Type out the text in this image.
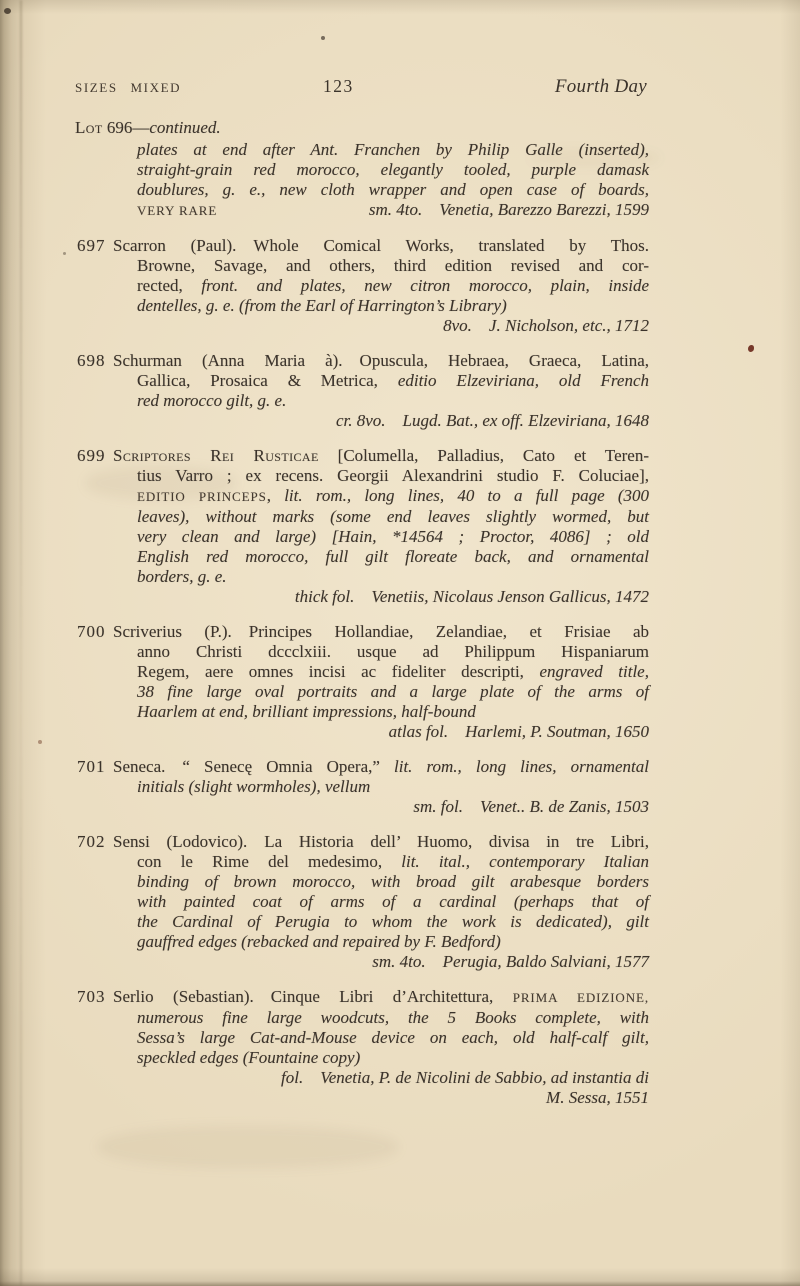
SIZES MIXED	123	Fourth Day
Lot 696—continued.
plates at end after Ant. Franchen by Philip Galle (inserted),
straight-grain red morocco, elegantly tooled, purple damask
doublures, g. e., new cloth wrapper and open case of boards,
VERY RARE	sm. 4to. Venetia, Barezzo Barezzi, 1599
697 Scarron (Paul). Whole Comical Works, translated by Thos.
Browne, Savage, and others, third edition revised and cor-
rected, front. and plates, new citron morocco, plain, inside
dentelles, g. e. (from the Earl of Harrington’s Library)
8vo. J. Nicholson, etc., 1712
698 Schurman (Anna Maria à). Opuscula, Hebraea, Graeca, Latina,
Gallica, Prosaica & Metrica, editio Elzeviriana, old French
red morocco gilt, g. e.
cr. 8vo. Lugd. Bat., ex off. Elzeviriana, 1648
699 Scriptores Rei Rusticae [Columella, Palladius, Cato et Teren-
tius Varro ; ex recens. Georgii Alexandrini studio F. Coluciae],
EDITIO PRINCEPS, lit. rom., long lines, 40 to a full page (300
leaves), without marks (some end leaves slightly wormed, but
very clean and large) [Hain, *14564 ; Proctor, 4086] ; old
English red morocco, full gilt floreate back, and ornamental
borders, g. e.
thick fol. Venetiis, Nicolaus Jenson Gallicus, 1472
700 Scriverius (P.). Principes Hollandiae, Zelandiae, et Frisiae ab
anno Christi dccclxiii. usque ad Philippum Hispaniarum
Regem, aere omnes incisi ac fideliter descripti, engraved title,
38 fine large oval portraits and a large plate of the arms of
Haarlem at end, brilliant impressions, half-bound
atlas fol. Harlemi, P. Soutman, 1650
701 Seneca. “ Senecę Omnia Opera,” lit. rom., long lines, ornamental
initials (slight wormholes), vellum
sm. fol. Venet.. B. de Zanis, 1503
702 Sensi (Lodovico). La Historia dell’ Huomo, divisa in tre Libri,
con le Rime del medesimo, lit. ital., contemporary Italian
binding of brown morocco, with broad gilt arabesque borders
with painted coat of arms of a cardinal (perhaps that of
the Cardinal of Perugia to whom the work is dedicated), gilt
gauffred edges (rebacked and repaired by F. Bedford)
sm. 4to. Perugia, Baldo Salviani, 1577
703 Serlio (Sebastian). Cinque Libri d’Architettura, PRIMA EDIZIONE,
numerous fine large woodcuts, the 5 Books complete, with
Sessa’s large Cat-and-Mouse device on each, old half-calf gilt,
speckled edges (Fountaine copy)
fol. Venetia, P. de Nicolini de Sabbio, ad instantia di
M. Sessa, 1551
